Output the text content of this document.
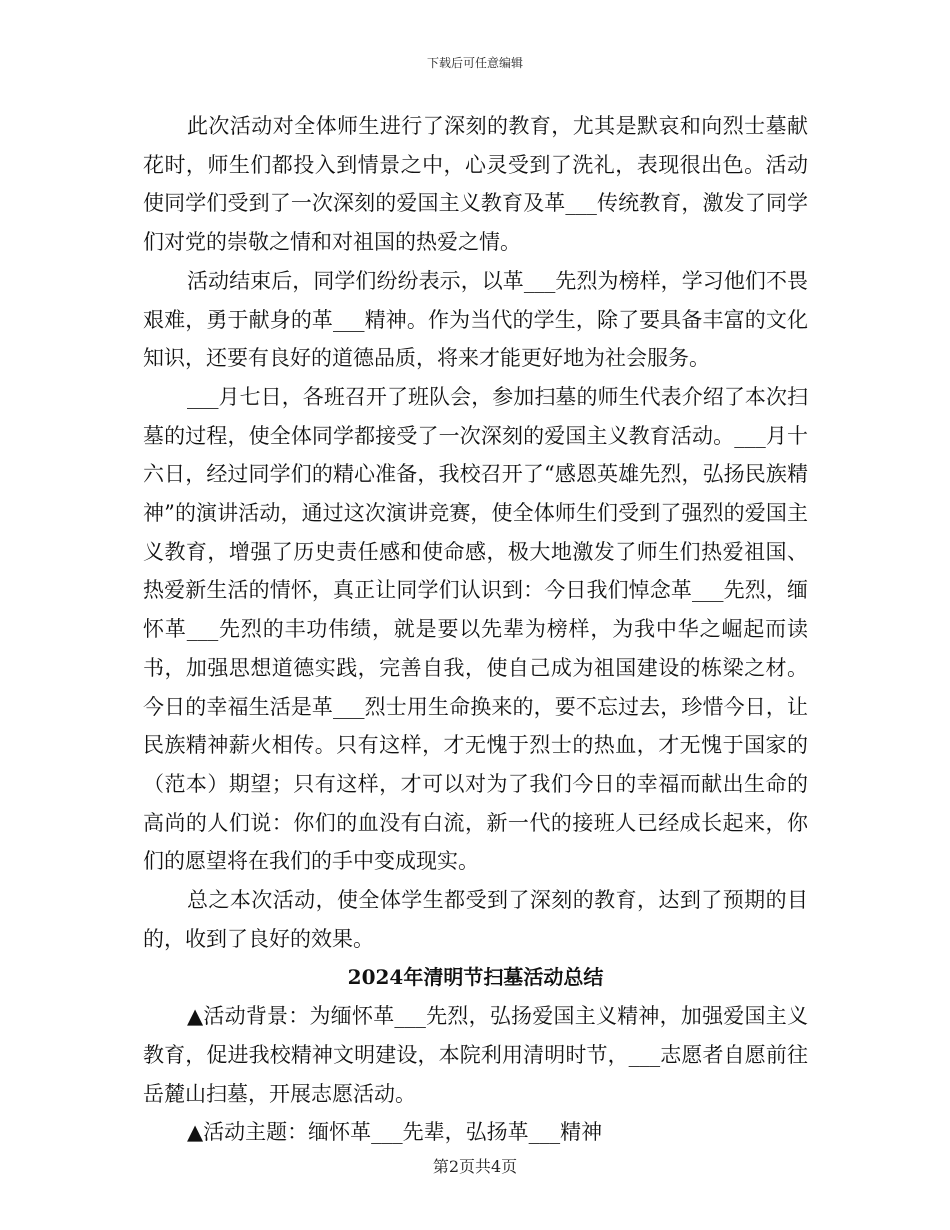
下载后可任意编辑

此次活动对全体师生进行了深刻的教育，尤其是默哀和向烈士墓献花时，师生们都投入到情景之中，心灵受到了洗礼，表现很出色。活动使同学们受到了一次深刻的爱国主义教育及革___传统教育，激发了同学们对党的崇敬之情和对祖国的热爱之情。

活动结束后，同学们纷纷表示，以革___先烈为榜样，学习他们不畏艰难，勇于献身的革___精神。作为当代的学生，除了要具备丰富的文化知识，还要有良好的道德品质，将来才能更好地为社会服务。

___月七日，各班召开了班队会，参加扫墓的师生代表介绍了本次扫墓的过程，使全体同学都接受了一次深刻的爱国主义教育活动。___月十六日，经过同学们的精心准备，我校召开了“感恩英雄先烈，弘扬民族精神”的演讲活动，通过这次演讲竞赛，使全体师生们受到了强烈的爱国主义教育，增强了历史责任感和使命感，极大地激发了师生们热爱祖国、热爱新生活的情怀，真正让同学们认识到：今日我们悼念革___先烈，缅怀革___先烈的丰功伟绩，就是要以先辈为榜样，为我中华之崛起而读书，加强思想道德实践，完善自我，使自己成为祖国建设的栋梁之材。今日的幸福生活是革___烈士用生命换来的，要不忘过去，珍惜今日，让民族精神薪火相传。只有这样，才无愧于烈士的热血，才无愧于国家的（范本）期望；只有这样，才可以对为了我们今日的幸福而献出生命的高尚的人们说：你们的血没有白流，新一代的接班人已经成长起来，你们的愿望将在我们的手中变成现实。

总之本次活动，使全体学生都受到了深刻的教育，达到了预期的目的，收到了良好的效果。

2024年清明节扫墓活动总结

▲活动背景：为缅怀革___先烈，弘扬爱国主义精神，加强爱国主义教育，促进我校精神文明建设，本院利用清明时节，___志愿者自愿前往岳麓山扫墓，开展志愿活动。

▲活动主题：缅怀革___先辈，弘扬革___精神

第2页共4页
